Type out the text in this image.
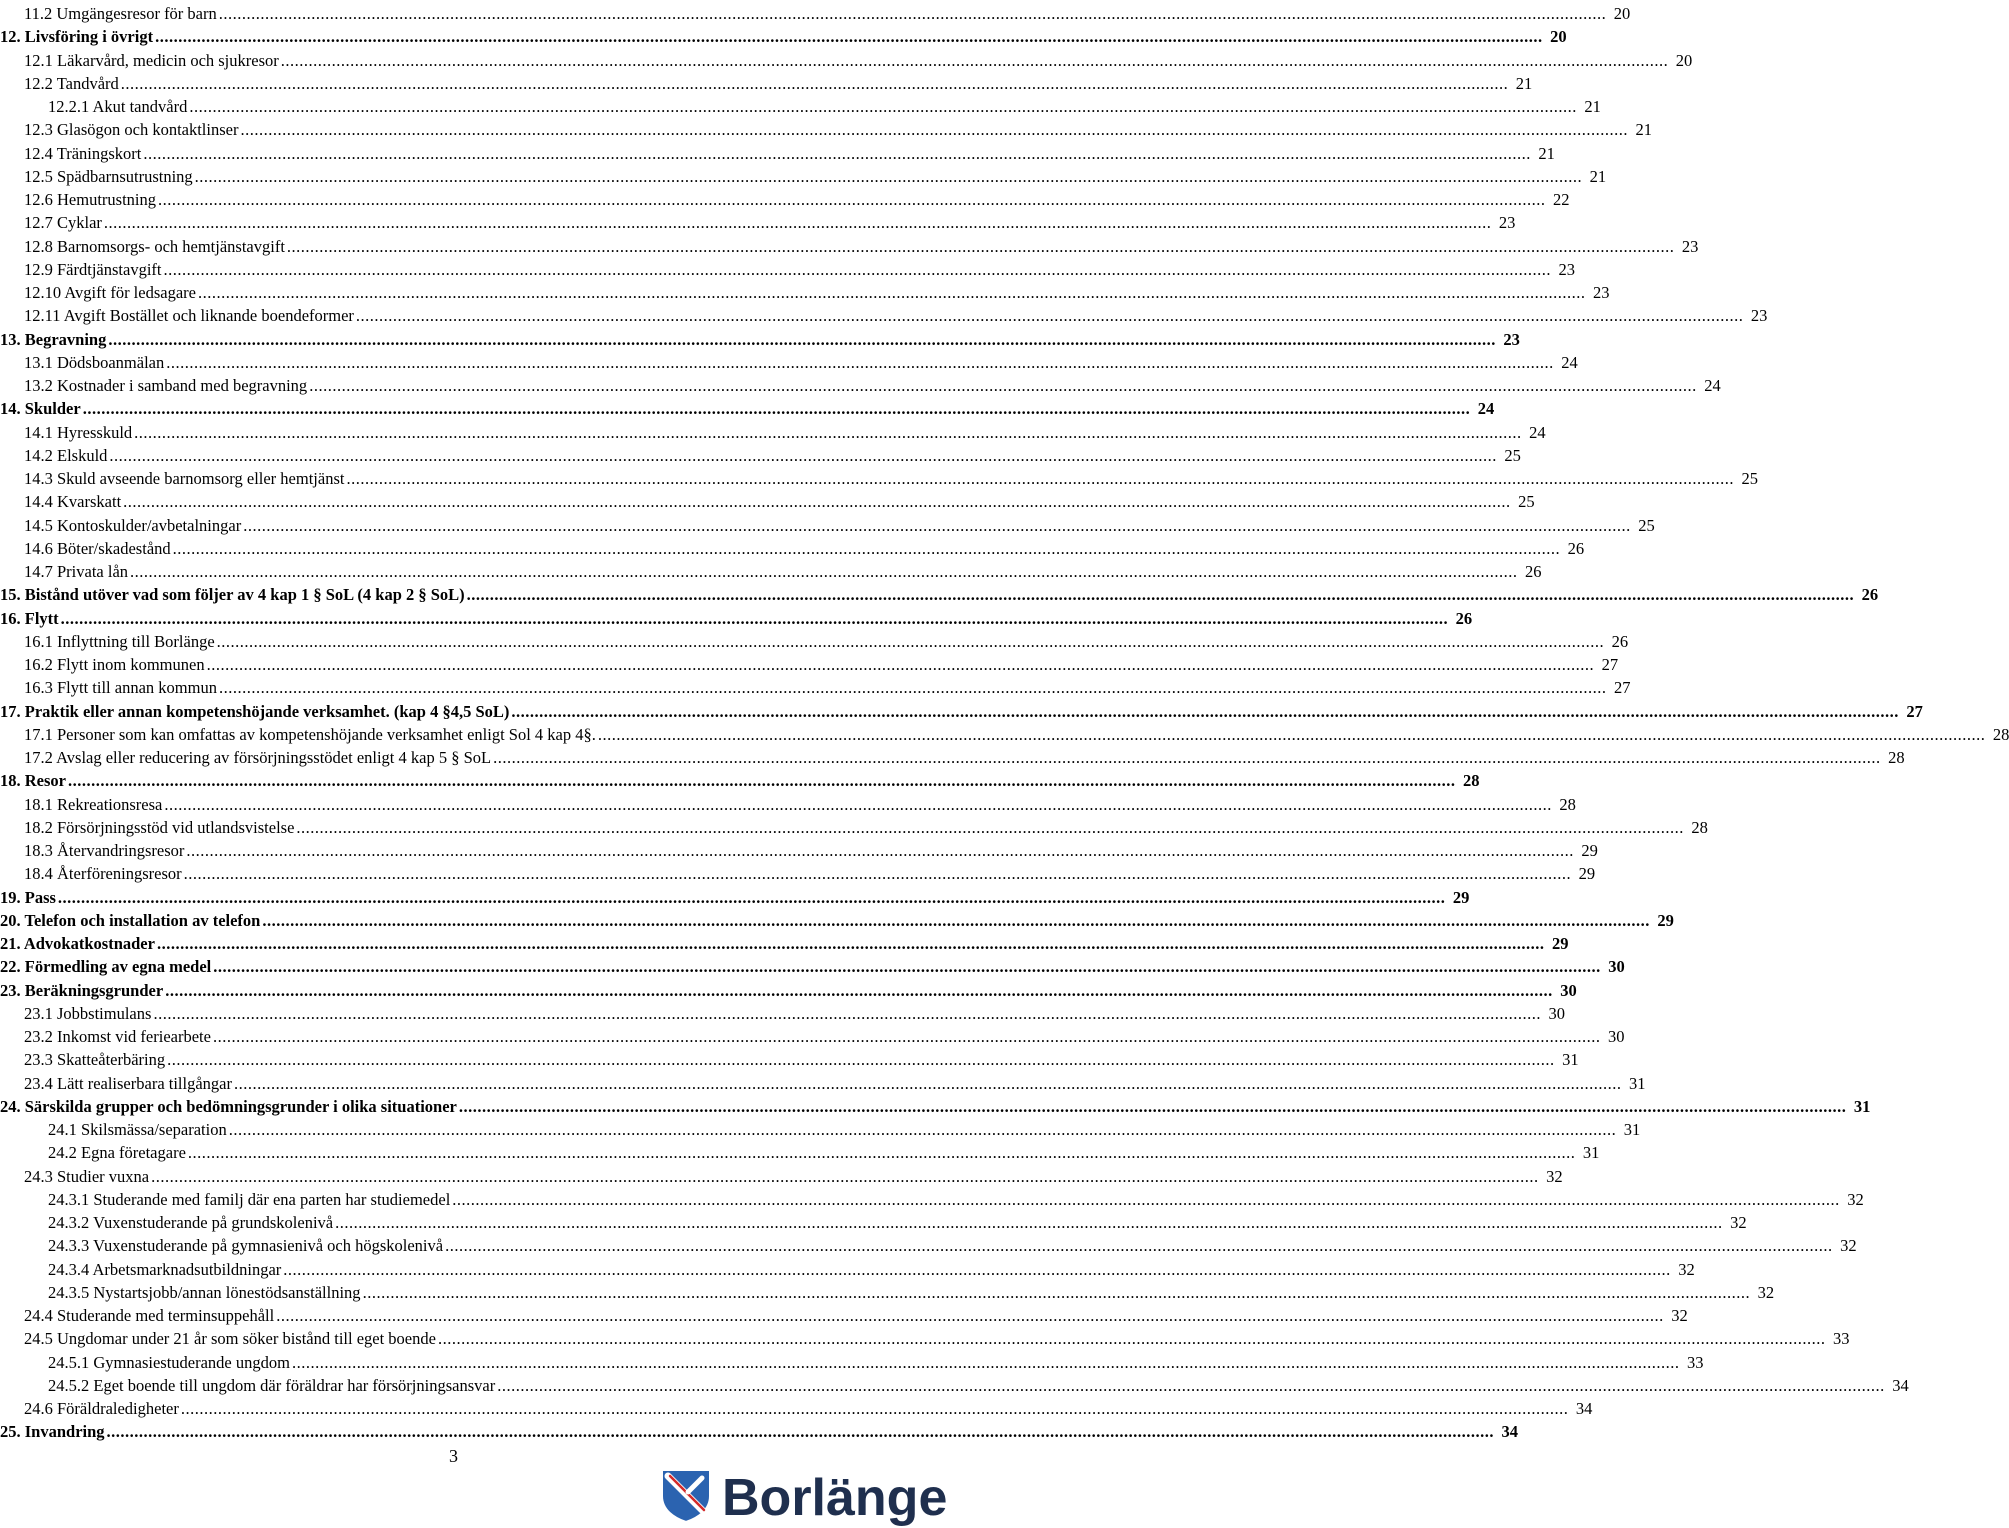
11.2 Umgängesresor för barn ............................................................................................................................................................................................................................................................................................................ 20
12. Livsföring i övrigt ............................................................................................................................................................................................................................................................................................................ 20
12.1 Läkarvård, medicin och sjukresor ............................................................................................................................................................................................................................................................................................................ 20
12.2 Tandvård ............................................................................................................................................................................................................................................................................................................ 21
12.2.1 Akut tandvård ............................................................................................................................................................................................................................................................................................................ 21
12.3 Glasögon och kontaktlinser ............................................................................................................................................................................................................................................................................................................ 21
12.4 Träningskort ............................................................................................................................................................................................................................................................................................................ 21
12.5 Spädbarnsutrustning ............................................................................................................................................................................................................................................................................................................ 21
12.6 Hemutrustning ............................................................................................................................................................................................................................................................................................................ 22
12.7 Cyklar ............................................................................................................................................................................................................................................................................................................ 23
12.8 Barnomsorgs- och hemtjänstavgift ............................................................................................................................................................................................................................................................................................................ 23
12.9 Färdtjänstavgift ............................................................................................................................................................................................................................................................................................................ 23
12.10 Avgift för ledsagare ............................................................................................................................................................................................................................................................................................................ 23
12.11 Avgift Bostället och liknande boendeformer ............................................................................................................................................................................................................................................................................................................ 23
13. Begravning ............................................................................................................................................................................................................................................................................................................ 23
13.1 Dödsboanmälan ............................................................................................................................................................................................................................................................................................................ 24
13.2 Kostnader i samband med begravning ............................................................................................................................................................................................................................................................................................................ 24
14. Skulder ............................................................................................................................................................................................................................................................................................................ 24
14.1 Hyresskuld ............................................................................................................................................................................................................................................................................................................ 24
14.2 Elskuld ............................................................................................................................................................................................................................................................................................................ 25
14.3 Skuld avseende barnomsorg eller hemtjänst ............................................................................................................................................................................................................................................................................................................ 25
14.4 Kvarskatt ............................................................................................................................................................................................................................................................................................................ 25
14.5 Kontoskulder/avbetalningar ............................................................................................................................................................................................................................................................................................................ 25
14.6 Böter/skadestånd ............................................................................................................................................................................................................................................................................................................ 26
14.7 Privata lån ............................................................................................................................................................................................................................................................................................................ 26
15. Bistånd utöver vad som följer av 4 kap 1 § SoL (4 kap 2 § SoL) ............................................................................................................................................................................................................................................................................................................ 26
16. Flytt ............................................................................................................................................................................................................................................................................................................ 26
16.1 Inflyttning till Borlänge ............................................................................................................................................................................................................................................................................................................ 26
16.2 Flytt inom kommunen ............................................................................................................................................................................................................................................................................................................ 27
16.3 Flytt till annan kommun ............................................................................................................................................................................................................................................................................................................ 27
17. Praktik eller annan kompetenshöjande verksamhet. (kap 4 §4,5 SoL) ............................................................................................................................................................................................................................................................................................................ 27
17.1 Personer som kan omfattas av kompetenshöjande verksamhet enligt Sol 4 kap 4§. ............................................................................................................................................................................................................................................................................................................ 28
17.2 Avslag eller reducering av försörjningsstödet enligt 4 kap 5 § SoL ............................................................................................................................................................................................................................................................................................................ 28
18. Resor ............................................................................................................................................................................................................................................................................................................ 28
18.1 Rekreationsresa ............................................................................................................................................................................................................................................................................................................ 28
18.2 Försörjningsstöd vid utlandsvistelse ............................................................................................................................................................................................................................................................................................................ 28
18.3 Återvandringsresor ............................................................................................................................................................................................................................................................................................................ 29
18.4 Återföreningsresor ............................................................................................................................................................................................................................................................................................................ 29
19. Pass ............................................................................................................................................................................................................................................................................................................ 29
20. Telefon och installation av telefon ............................................................................................................................................................................................................................................................................................................ 29
21. Advokatkostnader ............................................................................................................................................................................................................................................................................................................ 29
22. Förmedling av egna medel ............................................................................................................................................................................................................................................................................................................ 30
23. Beräkningsgrunder ............................................................................................................................................................................................................................................................................................................ 30
23.1 Jobbstimulans ............................................................................................................................................................................................................................................................................................................ 30
23.2 Inkomst vid feriearbete ............................................................................................................................................................................................................................................................................................................ 30
23.3 Skatteåterbäring ............................................................................................................................................................................................................................................................................................................ 31
23.4 Lätt realiserbara tillgångar ............................................................................................................................................................................................................................................................................................................ 31
24. Särskilda grupper och bedömningsgrunder i olika situationer ............................................................................................................................................................................................................................................................................................................ 31
24.1 Skilsmässa/separation ............................................................................................................................................................................................................................................................................................................ 31
24.2 Egna företagare ............................................................................................................................................................................................................................................................................................................ 31
24.3 Studier vuxna ............................................................................................................................................................................................................................................................................................................ 32
24.3.1 Studerande med familj där ena parten har studiemedel ............................................................................................................................................................................................................................................................................................................ 32
24.3.2 Vuxenstuderande på grundskolenivå ............................................................................................................................................................................................................................................................................................................ 32
24.3.3 Vuxenstuderande på gymnasienivå och högskolenivå ............................................................................................................................................................................................................................................................................................................ 32
24.3.4 Arbetsmarknadsutbildningar ............................................................................................................................................................................................................................................................................................................ 32
24.3.5 Nystartsjobb/annan lönestödsanställning ............................................................................................................................................................................................................................................................................................................ 32
24.4 Studerande med terminsuppehåll ............................................................................................................................................................................................................................................................................................................ 32
24.5 Ungdomar under 21 år som söker bistånd till eget boende ............................................................................................................................................................................................................................................................................................................ 33
24.5.1 Gymnasiestuderande ungdom ............................................................................................................................................................................................................................................................................................................ 33
24.5.2 Eget boende till ungdom där föräldrar har försörjningsansvar ............................................................................................................................................................................................................................................................................................................ 34
24.6 Föräldraledigheter ............................................................................................................................................................................................................................................................................................................ 34
25. Invandring ............................................................................................................................................................................................................................................................................................................ 34
3
Borlänge
